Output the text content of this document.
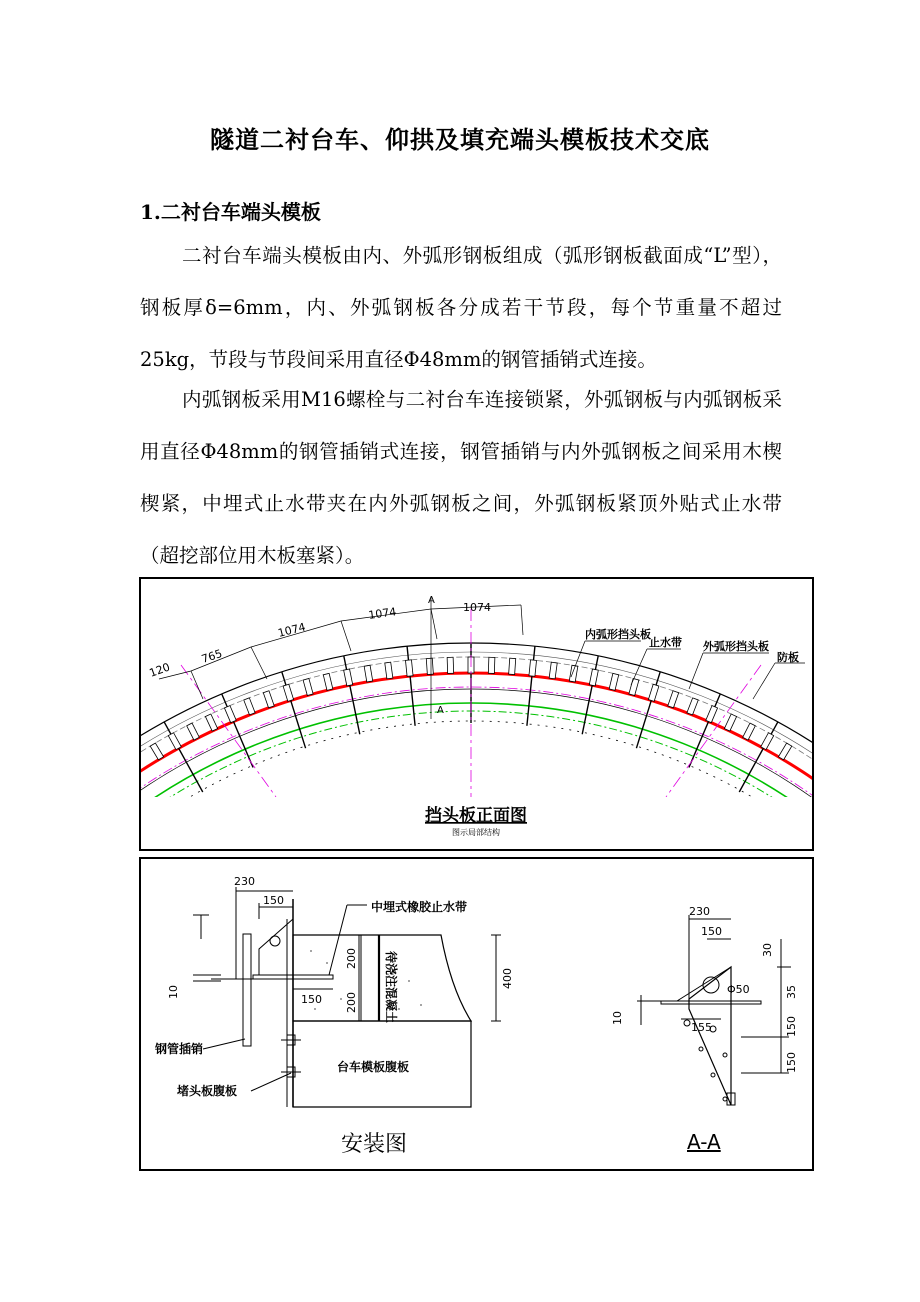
隧道二衬台车、仰拱及填充端头模板技术交底
1.二衬台车端头模板

二衬台车端头模板由内、外弧形钢板组成（弧形钢板截面成“L”型），钢板厚δ=6mm，内、外弧钢板各分成若干节段，每个节重量不超过25kg，节段与节段间采用直径Φ48mm的钢管插销式连接。

内弧钢板采用M16螺栓与二衬台车连接锁紧，外弧钢板与内弧钢板采用直径Φ48mm的钢管插销式连接，钢管插销与内外弧钢板之间采用木楔楔紧，中埋式止水带夹在内外弧钢板之间，外弧钢板紧顶外贴式止水带（超挖部位用木板塞紧）。

120
765
1074
1074	1074
A
A
内弧形挡头板
止水带 外弧形挡头板
防板
挡头板正面图
图示局部结构
230
150
10
150
200
200
400
中埋式橡胶止水带
待浇注混凝土
钢管插销
堵头板腹板
台车模板腹板
安装图
230
150
30
Φ50	35
10
155	150
150
A-A
